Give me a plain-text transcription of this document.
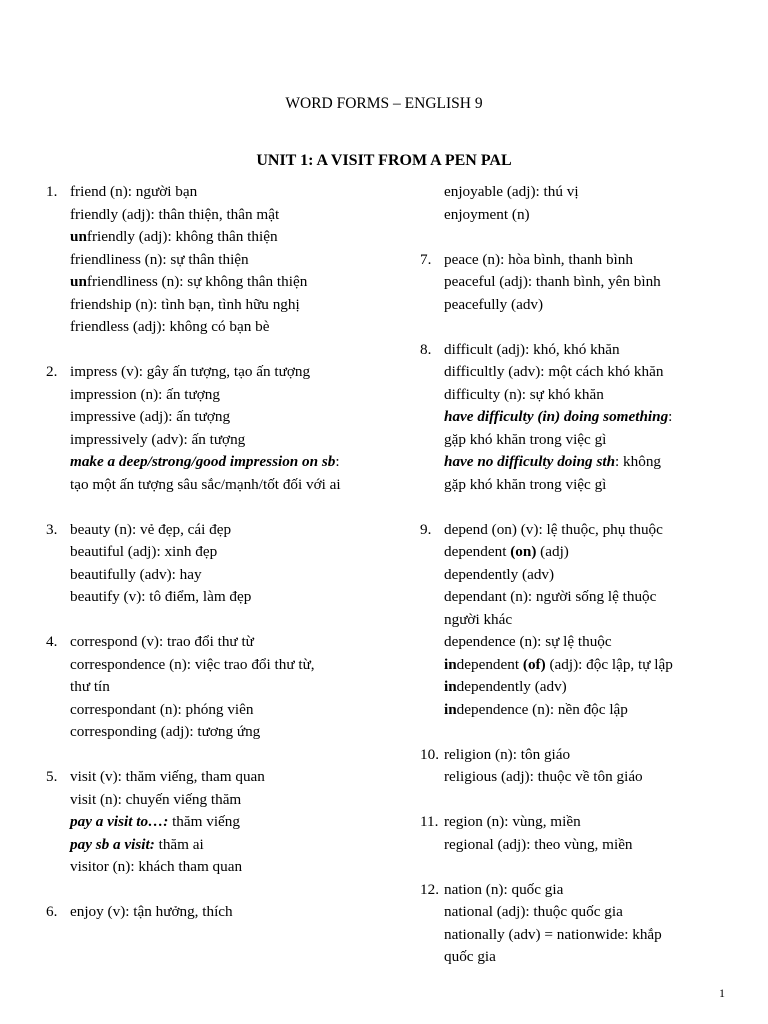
WORD FORMS – ENGLISH 9
UNIT 1: A VISIT FROM A PEN PAL
1. friend (n): người bạn
friendly (adj): thân thiện, thân mật
unfriendly (adj): không thân thiện
friendliness (n): sự thân thiện
unfriendliness (n): sự không thân thiện
friendship (n): tình bạn, tình hữu nghị
friendless (adj): không có bạn bè
2. impress (v): gây ấn tượng, tạo ấn tượng
impression (n): ấn tượng
impressive (adj): ấn tượng
impressively (adv): ấn tượng
make a deep/strong/good impression on sb: tạo một ấn tượng sâu sắc/mạnh/tốt đối với ai
3. beauty (n): vẻ đẹp, cái đẹp
beautiful (adj): xinh đẹp
beautifully (adv): hay
beautify (v): tô điểm, làm đẹp
4. correspond (v): trao đổi thư từ
correspondence (n): việc trao đổi thư từ, thư tín
correspondant (n): phóng viên
corresponding (adj): tương ứng
5. visit (v): thăm viếng, tham quan
visit (n): chuyến viếng thăm
pay a visit to…: thăm viếng
pay sb a visit: thăm ai
visitor (n): khách tham quan
6. enjoy (v): tận hưởng, thích
enjoyable (adj): thú vị
enjoyment (n)
7. peace (n): hòa bình, thanh bình
peaceful (adj): thanh bình, yên bình
peacefully (adv)
8. difficult (adj): khó, khó khăn
difficultly (adv): một cách khó khăn
difficulty (n): sự khó khăn
have difficulty (in) doing something:
gặp khó khăn trong việc gì
have no difficulty doing sth: không
gặp khó khăn trong việc gì
9. depend (on) (v): lệ thuộc, phụ thuộc
dependent (on) (adj)
dependently (adv)
dependant (n): người sống lệ thuộc
người khác
dependence (n): sự lệ thuộc
independent (of) (adj): độc lập, tự lập
independently (adv)
independence (n): nền độc lập
10. religion (n): tôn giáo
religious (adj): thuộc về tôn giáo
11. region (n): vùng, miền
regional (adj): theo vùng, miền
12. nation (n): quốc gia
national (adj): thuộc quốc gia
nationally (adv) = nationwide: khắp
quốc gia
1
